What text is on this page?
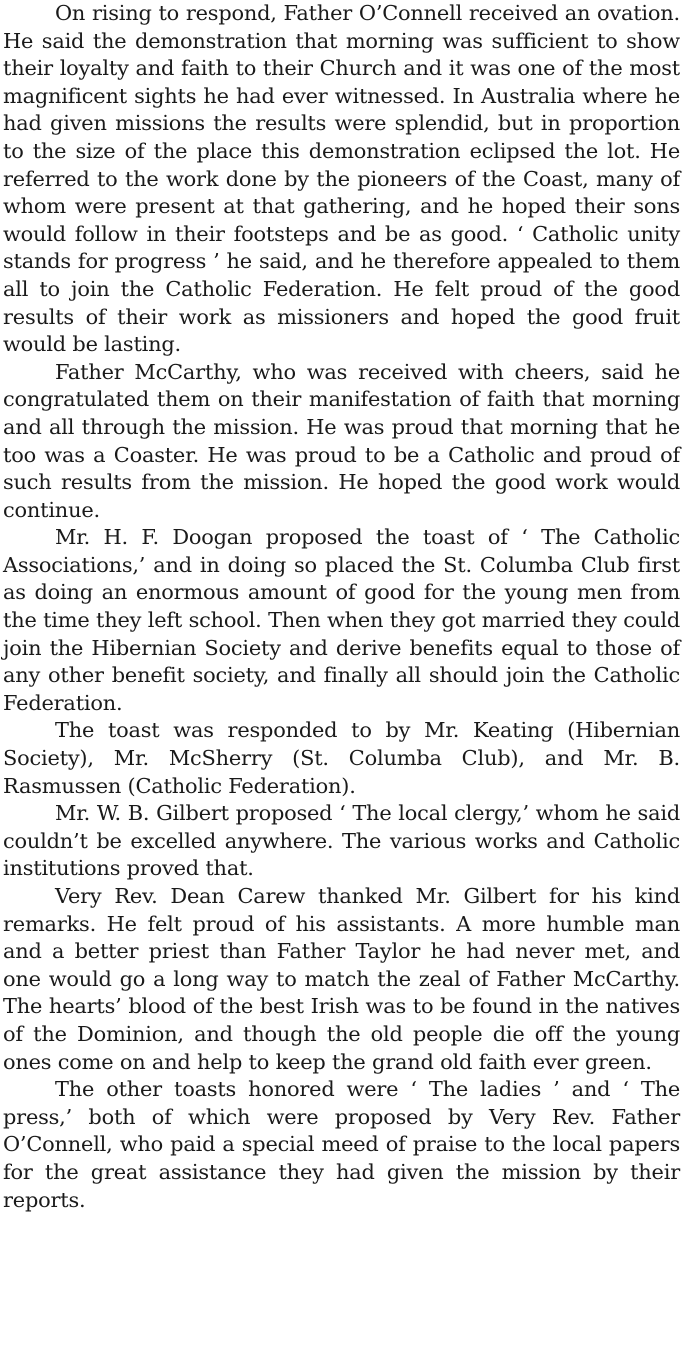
On rising to respond, Father O’Connell received an ovation. He said the demonstration that morning was sufficient to show their loyalty and faith to their Church and it was one of the most magnificent sights he had ever witnessed. In Australia where he had given missions the results were splendid, but in proportion to the size of the place this demonstration eclipsed the lot. He referred to the work done by the pioneers of the Coast, many of whom were present at that gathering, and he hoped their sons would follow in their footsteps and be as good. ‘ Catholic unity stands for progress ’ he said, and he therefore appealed to them all to join the Catholic Federation. He felt proud of the good results of their work as missioners and hoped the good fruit would be lasting.

Father McCarthy, who was received with cheers, said he congratulated them on their manifestation of faith that morning and all through the mission. He was proud that morning that he too was a Coaster. He was proud to be a Catholic and proud of such results from the mission. He hoped the good work would continue.

Mr. H. F. Doogan proposed the toast of ‘ The Catholic Associations,’ and in doing so placed the St. Columba Club first as doing an enormous amount of good for the young men from the time they left school. Then when they got married they could join the Hibernian Society and derive benefits equal to those of any other benefit society, and finally all should join the Catholic Federation.

The toast was responded to by Mr. Keating (Hibernian Society), Mr. McSherry (St. Columba Club), and Mr. B. Rasmussen (Catholic Federation).

Mr. W. B. Gilbert proposed ‘ The local clergy,’ whom he said couldn’t be excelled anywhere. The various works and Catholic institutions proved that.

Very Rev. Dean Carew thanked Mr. Gilbert for his kind remarks. He felt proud of his assistants. A more humble man and a better priest than Father Taylor he had never met, and one would go a long way to match the zeal of Father McCarthy. The hearts’ blood of the best Irish was to be found in the natives of the Dominion, and though the old people die off the young ones come on and help to keep the grand old faith ever green.

The other toasts honored were ‘ The ladies ’ and ‘ The press,’ both of which were proposed by Very Rev. Father O’Connell, who paid a special meed of praise to the local papers for the great assistance they had given the mission by their reports.
